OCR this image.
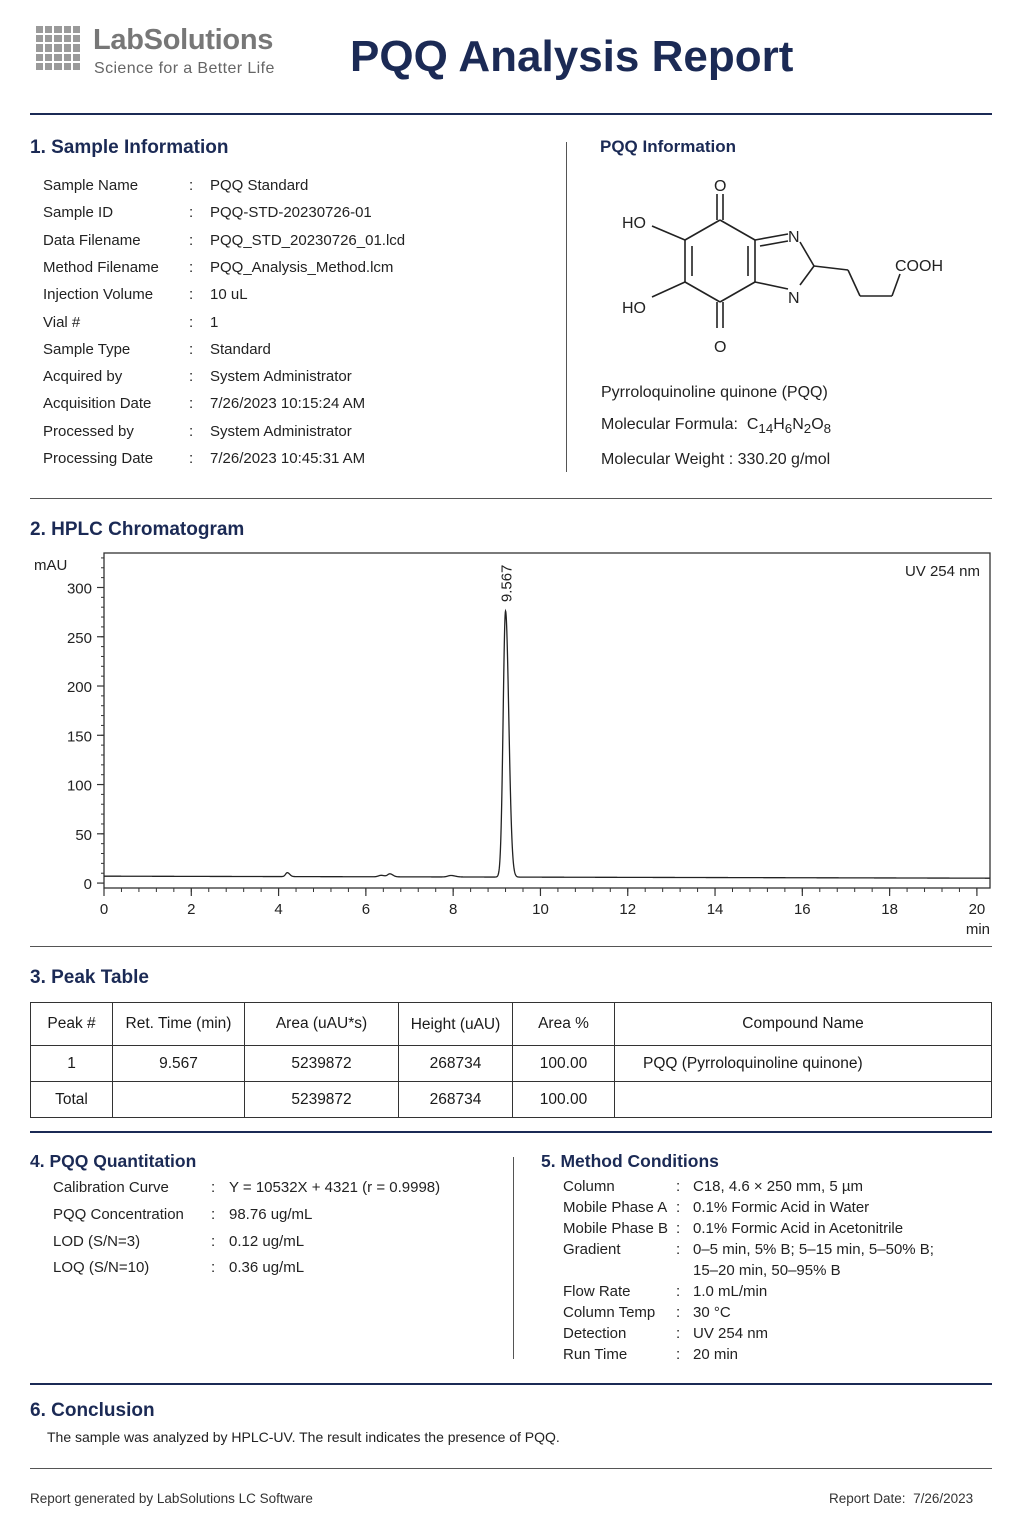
LabSolutions
Science for a Better Life PQQ Analysis Report
1. Sample Information
Sample Name	: PQQ Standard
Sample ID	: PQQ-STD-20230726-01
Data Filename	: PQQ_STD_20230726_01.lcd
Method Filename : PQQ_Analysis_Method.lcm
Injection Volume : 10 uL
Vial #	: 1
Sample Type	: Standard
Acquired by	: System Administrator
Acquisition Date	: 7/26/2023 10:15:24 AM
Processed by	: System Administrator
Processing Date : 7/26/2023 10:45:31 AM
PQQ Information
O
O
HO
HO
N
N
COOH
Pyrroloquinoline quinone (PQQ)
Molecular Formula: $C_{14}H_6N_2O_8$
Molecular Weight : 330.20 g/mol
2. HPLC Chromatogram
0	2	4	6	8	10	12	14	16	18	20
0
50
100
150
200
250
300
mAU
min
UV 254 nm
9.567
3. Peak Table
Peak #	Ret. Time (min)	Area (uAU*s)	Height (uAU)	Area %	Compound Name
1	9.567	5239872	268734	100.00	PQQ (Pyrroloquinoline quinone)
Total		5239872	268734	100.00	
4. PQQ Quantitation
Calibration Curve	: Y = 10532X + 4321 (r = 0.9998)
PQQ Concentration : 98.76 ug/mL
LOD (S/N=3)	: 0.12 ug/mL
LOQ (S/N=10)	: 0.36 ug/mL
5. Method Conditions
Column	: C18, 4.6 × 250 mm, 5 µm
Mobile Phase A : 0.1% Formic Acid in Water
Mobile Phase B : 0.1% Formic Acid in Acetonitrile
Gradient	: 0–5 min, 5% B; 5–15 min, 5–50% B;
15–20 min, 50–95% B
Flow Rate	: 1.0 mL/min
Column Temp : 30 °C
Detection	: UV 254 nm
Run Time	: 20 min
6. Conclusion
The sample was analyzed by HPLC-UV. The result indicates the presence of PQQ.
Report generated by LabSolutions LC Software	Report Date: 7/26/2023
